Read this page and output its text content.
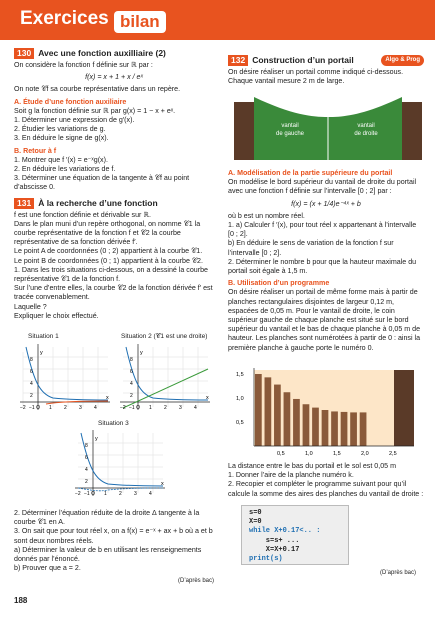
Exercices bilan
130 Avec une fonction auxilliaire (2)

On considère la fonction f définie sur ℝ par :

f(x) = x + 1 + x / eˣ

On note 𝒞f sa courbe représentative dans un repère.

A. Étude d’une fonction auxiliaire

Soit g la fonction définie sur ℝ par g(x) = 1 − x + eˣ.

1. Déterminer une expression de g′(x).

2. Étudier les variations de g.

3. En déduire le signe de g(x).

B. Retour à f

1. Montrer que f ′(x) = e⁻ˣg(x).

2. En déduire les variations de f.

3. Déterminer une équation de la tangente à 𝒞f au point d’abscisse 0.

131 À la recherche d’une fonction

f est une fonction définie et dérivable sur ℝ.

Dans le plan muni d’un repère orthogonal, on nomme 𝒞1 la courbe représentative de la fonction f et 𝒞2 la courbe représentative de sa fonction dérivée f′.

Le point A de coordonnées (0 ; 2) appartient à la courbe 𝒞1.

Le point B de coordonnées (0 ; 1) appartient à la courbe 𝒞2.

1. Dans les trois situations ci-dessous, on a dessiné la courbe représentative 𝒞1 de la fonction f.

Sur l’une d’entre elles, la courbe 𝒞2 de la fonction dérivée f′ est tracée convenablement.

Laquelle ?

Expliquer le choix effectué.

Situation 1	Situation 2 (𝒞1 est une droite)
Situation 3
y
x
8
6
4
2
1 2 3 4
−2 −1 O
y
x
8
6
4
2
1 2 3 4
−2 −1 O
y
x
8
6
4
2
1 2 3 4
−2 −1 O

2. Déterminer l’équation réduite de la droite Δ tangente à la courbe 𝒞1 en A.

3. On sait que pour tout réel x, on a f(x) = e⁻ˣ + ax + b où a et b sont deux nombres réels.

a) Déterminer la valeur de b en utilisant les renseignements donnés par l’énoncé.

b) Prouver que a = 2.

(D’après bac)

132 Construction d’un portail	Algo & Prog

On désire réaliser un portail comme indiqué ci-dessous. Chaque vantail mesure 2 m de large.

vantail
de gauche
vantail
de droite

A. Modélisation de la partie supérieure du portail

On modélise le bord supérieur du vantail de droite du portail avec une fonction f définie sur l’intervalle [0 ; 2] par :

f(x) = (x + 1/4)e⁻⁴ˣ + b

où b est un nombre réel.

1. a) Calculer f ′(x), pour tout réel x appartenant à l’intervalle [0 ; 2].

b) En déduire le sens de variation de la fonction f sur l’intervalle [0 ; 2].

2. Déterminer le nombre b pour que la hauteur maximale du portail soit égale à 1,5 m.

B. Utilisation d’un programme

On désire réaliser un portail de même forme mais à partir de planches rectangulaires disjointes de largeur 0,12 m, espacées de 0,05 m. Pour le vantail de droite, le coin supérieur gauche de chaque planche est situé sur le bord supérieur du vantail et le bas de chaque planche à 0,05 m de hauteur. Les planches sont numérotées à partir de 0 : ainsi la première planche à gauche porte le numéro 0.

0,5	1,0	1,5	2,0	2,5
0,5
1,0
1,5

La distance entre le bas du portail et le sol est 0,05 m

1. Donner l’aire de la planche numéro k.

2. Recopier et compléter le programme suivant pour qu’il calcule la somme des aires des planches du vantail de droite :

s=0
X=0
while X+0.17<.. :
s=s+ ...
X=X+0.17
print(s)
(D’après bac)
188
